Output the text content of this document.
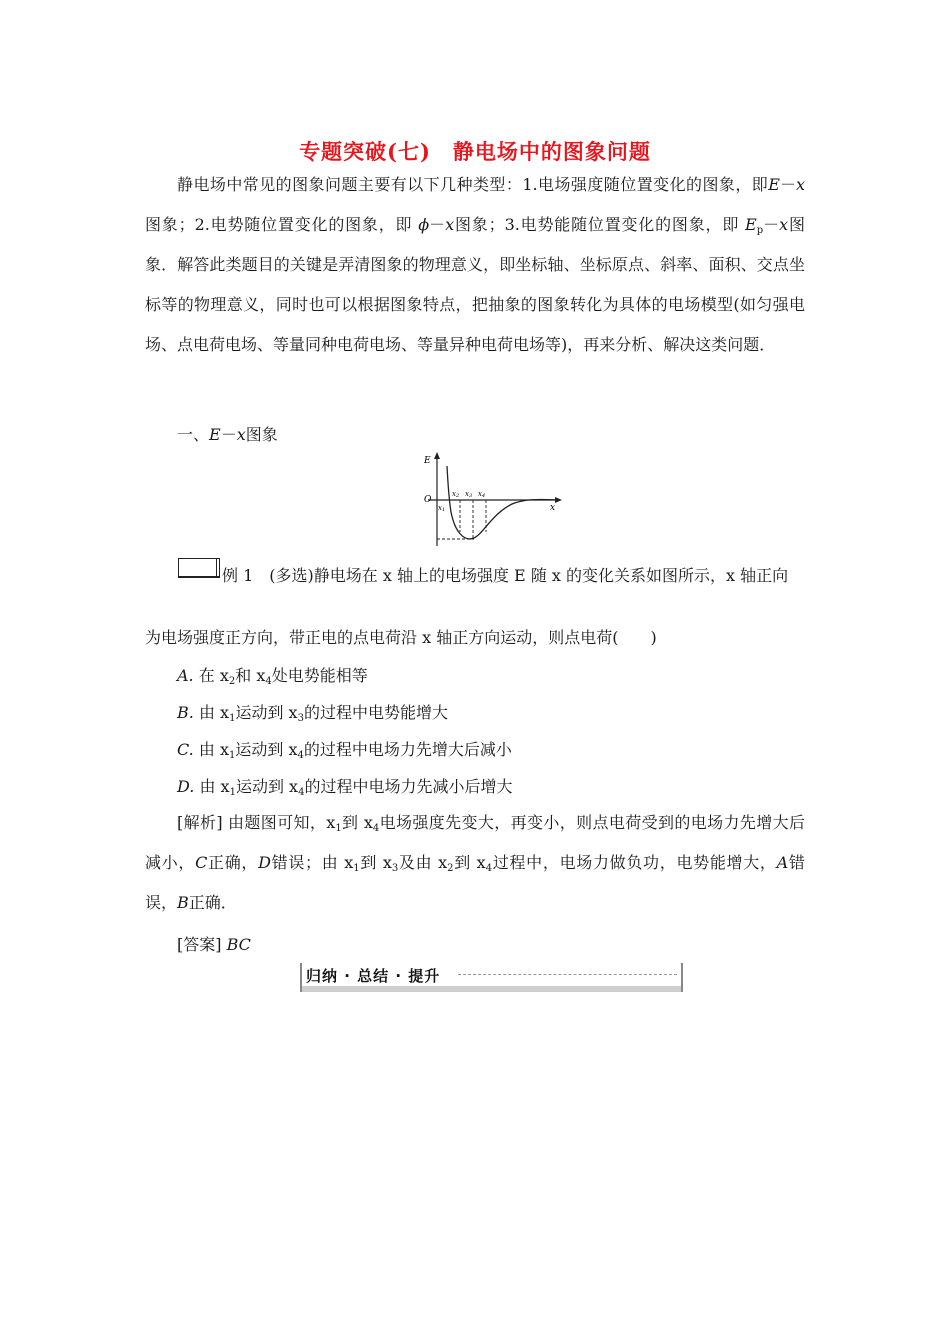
专题突破(七)　静电场中的图象问题

静电场中常见的图象问题主要有以下几种类型：1.电场强度随位置变化的图象，即E－x图象；2.电势随位置变化的图象，即 ϕ－x图象；3.电势能随位置变化的图象，即 $E_p-x$图象．解答此类题目的关键是弄清图象的物理意义，即坐标轴、坐标原点、斜率、面积、交点坐标等的物理意义，同时也可以根据图象特点，把抽象的图象转化为具体的电场模型(如匀强电场、点电荷电场、等量同种电荷电场、等量异种电荷电场等)，再来分析、解决这类问题．

一、E－x图象
E
x
O
x1
x2 x3 x4
例 1　(多选)静电场在 x 轴上的电场强度 E 随 x 的变化关系如图所示，x 轴正向
为电场强度正方向，带正电的点电荷沿 x 轴正方向运动，则点电荷(　　)
A. 在 $x_2$和 $x_4$处电势能相等
B. 由 $x_1$运动到 $x_3$的过程中电势能增大
C. 由 $x_1$运动到 $x_4$的过程中电场力先增大后减小
D. 由 $x_1$运动到 $x_4$的过程中电场力先减小后增大

[解析] 由题图可知，$x_1$到 $x_4$电场强度先变大，再变小，则点电荷受到的电场力先增大后减小，C正确，D错误；由 $x_1$到 $x_3$及由 $x_2$到 $x_4$过程中，电场力做负功，电势能增大，A错误，B正确．

[答案] BC
归纳 · 总结 · 提升
